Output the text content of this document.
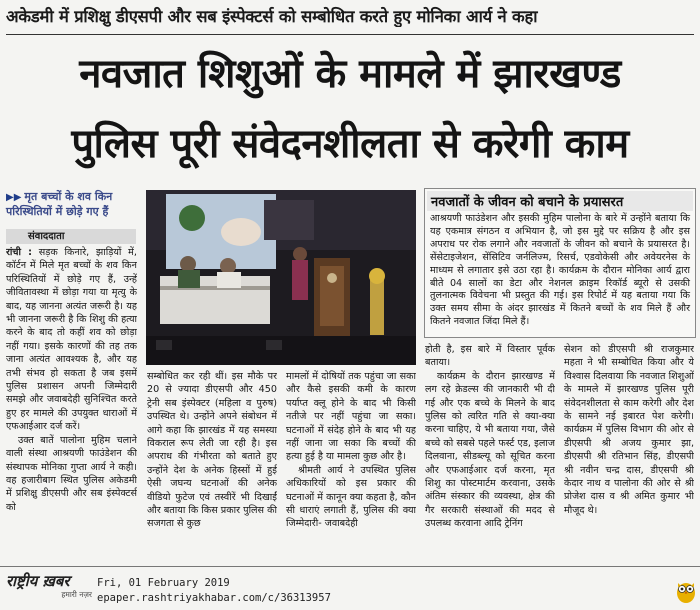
अकेडमी में प्रशिक्षु डीएसपी और सब इंस्पेक्टर्स को सम्बोधित करते हुए मोनिका आर्य ने कहा
नवजात शिशुओं के मामले में झारखण्ड
पुलिस पूरी संवेदनशीलता से करेगी काम
▶▶ मृत बच्चों के शव किन
परिस्थितियों में छोड़े गए हैं
संवाददाता

रांची : सड़क किनारे, झाड़ियों में, कॉर्टन में मिले मृत बच्चों के शव किन परिस्थितियों में छोड़े गए हैं, उन्हें जीवितावस्था में छोड़ा गया या मृत्यु के बाद, यह जानना अत्यंत जरूरी है। यह भी जानना जरूरी है कि शिशु की हत्या करने के बाद तो कहीं शव को छोड़ा नहीं गया। इसके कारणों की तह तक जाना अत्यंत आवश्यक है, और यह तभी संभव हो सकता है जब इसमें पुलिस प्रशासन अपनी जिम्मेदारी समझे और जवाबदेही सुनिश्चित करते हुए हर मामले की उपयुक्त धाराओं में एफआईआर दर्ज करें।

उक्त बातें पालोना मुहिम चलाने वाली संस्था आश्रयणी फाउंडेशन की संस्थापक मोनिका गुप्ता आर्य ने कही। वह हजारीबाग स्थित पुलिस अकेडमी में प्रशिक्षु डीएसपी और सब इंस्पेक्टर्स को

नवजातों के जीवन को बचाने के प्रयासरत
आश्रयणी फाउंडेशन और इसकी मुहिम पालोना के बारे में उन्होंने बताया कि यह एकमात्र संगठन व अभियान है, जो इस मुद्दे पर सक्रिय है और इस अपराध पर रोक लगाने और नवजातों के जीवन को बचाने के प्रयासरत है। सेंसेटाइजेशन, सेंसिटिव जर्नलिज्म, रिसर्च, एडवोकेसी और अवेयरनेस के माध्यम से लगातार इसे उठा रहा है। कार्यक्रम के दौरान मोनिका आर्य द्वारा बीते 04 सालों का डेटा और नेशनल क्राइम रिकॉर्ड ब्यूरो से उसकी तुलनात्मक विवेचना भी प्रस्तुत की गई। इस रिपोर्ट में यह बताया गया कि उक्त समय सीमा के अंदर झारखंड में कितने बच्चों के शव मिले हैं और कितने नवजात जिंदा मिले हैं।

सम्बोधित कर रही थीं। इस मौके पर 20 से ज्यादा डीएसपी और 450 ट्रेनी सब इंस्पेक्टर (महिला व पुरुष) उपस्थित थे। उन्होंने अपने संबोधन में आगे कहा कि झारखंड में यह समस्या विकराल रूप लेती जा रही है। इस अपराध की गंभीरता को बताते हुए उन्होंने देश के अनेक हिस्सों में हुई ऐसी जघन्य घटनाओं की अनेक वीडियो फुटेज एवं तस्वीरें भी दिखाईं और बताया कि किस प्रकार पुलिस की सजगता से कुछ

मामलों में दोषियों तक पहुंचा जा सका और कैसे इसकी कमी के कारण पर्याप्त क्लू होने के बाद भी किसी नतीजे पर नहीं पहुंचा जा सका। घटनाओं में संदेह होने के बाद भी यह नहीं जाना जा सका कि बच्चों की हत्या हुई है या मामला कुछ और है।

श्रीमती आर्य ने उपस्थित पुलिस अधिकारियों को इस प्रकार की घटनाओं में कानून क्या कहता है, कौन सी धाराएं लगाती हैं, पुलिस की क्या जिम्मेदारी- जवाबदेही

होती है, इस बारे में विस्तार पूर्वक बताया।

कार्यक्रम के दौरान झारखण्ड में लग रहे क्रेडल्स की जानकारी भी दी गई और एक बच्चे के मिलने के बाद पुलिस को त्वरित गति से क्या-क्या करना चाहिए, ये भी बताया गया, जैसे बच्चे को सबसे पहले फर्स्ट एड, इलाज दिलवाना, सीडब्ल्यू को सूचित करना और एफआईआर दर्ज करना, मृत शिशु का पोस्टमार्टम करवाना, उसके अंतिम संस्कार की व्यवस्था, क्षेत्र की गैर सरकारी संस्थाओं की मदद से उपलब्ध करवाना आदि ट्रेनिंग

सेशन को डीएसपी श्री राजकुमार महता ने भी सम्बोधित किया और ये विश्वास दिलवाया कि नवजात शिशुओं के मामले में झारखण्ड पुलिस पूरी संवेदनशीलता से काम करेगी और देश के सामने नई इबारत पेश करेगी। कार्यक्रम में पुलिस विभाग की ओर से डीएसपी श्री अजय कुमार झा, डीएसपी श्री रतिभान सिंह, डीएसपी श्री नवीन चन्द्र दास, डीएसपी श्री केदार नाथ व पालोना की ओर से श्री प्रोजेश दास व श्री अमित कुमार भी मौजूद थे।

राष्ट्रीय ख़बर
हमारी नज़र
Fri, 01 February 2019
epaper.rashtriyakhabar.com/c/36313957
